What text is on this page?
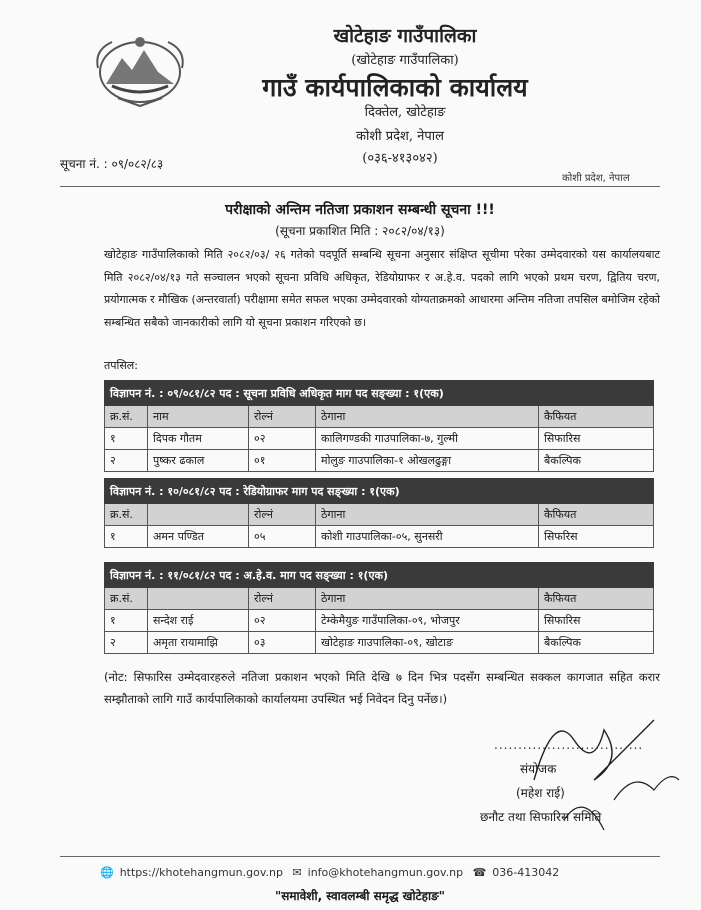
खोटेहाङ गाउँपालिका
(खोटेहाङ गाउँपालिका)
गाउँ कार्यपालिकाको कार्यालय
दिक्तेल, खोटेहाङ
कोशी प्रदेश, नेपाल
(०३६-४१३०४२)
सूचना नं. : ०९/०८२/८३
कोशी प्रदेश, नेपाल
परीक्षाको अन्तिम नतिजा प्रकाशन सम्बन्धी सूचना !!!
(सूचना प्रकाशित मिति : २०८२/०४/१३)
खोटेहाङ गाउँपालिकाको मिति २०८२/०३/ २६ गतेको पदपूर्ति सम्बन्धि सूचना अनुसार संक्षिप्त सूचीमा परेका उम्मेदवारको यस कार्यालयबाट मिति २०८२/०४/१३ गते सञ्चालन भएको सूचना प्रविधि अधिकृत, रेडियोग्राफर र अ.हे.व. पदको लागि भएको प्रथम चरण, द्वितिय चरण, प्रयोगात्मक र मौखिक (अन्तरवार्ता) परीक्षामा समेत सफल भएका उम्मेदवारको योग्यताक्रमको आधारमा अन्तिम नतिजा तपसिल बमोजिम रहेको सम्बन्धित सबैको जानकारीको लागि यो सूचना प्रकाशन गरिएको छ।
तपसिल:
विज्ञापन नं. : ०९/०८१/८२ पद : सूचना प्रविधि अधिकृत माग पद सङ्ख्या : १(एक)				
क्र.सं.	नाम	रोल्नं	ठेगाना	कैफियत
१	दिपक गौतम	०२	कालिगण्डकी गाउपालिका-७, गुल्मी	सिफारिस
२	पुष्कर ढकाल	०१	मोलुङ गाउपालिका-१ ओखलढुङ्गा	बैकल्पिक
विज्ञापन नं. : १०/०८१/८२ पद : रेडियोग्राफर माग पद सङ्ख्या : १(एक)				
क्र.सं.		रोल्नं	ठेगाना	कैफियत
१	अमन पण्डित	०५	कोशी गाउपालिका-०५, सुनसरी	सिफरिस
विज्ञापन नं. : ११/०८१/८२ पद : अ.हे.व. माग पद सङ्ख्या : १(एक)				
क्र.सं.		रोल्नं	ठेगाना	कैफियत
१	सन्देश राई	०२	टेम्केमैयुङ गाउँपालिका-०९, भोजपुर	सिफारिस
२	अमृता रायामाझि	०३	खोटेहाङ गाउपालिका-०९, खोटाङ	बैकल्पिक
(नोट: सिफारिस उम्मेदवारहरुले नतिजा प्रकाशन भएको मिति देखि ७ दिन भित्र पदसँग सम्बन्धित सक्कल कागजात सहित करार सम्झौताको लागि गाउँ कार्यपालिकाको कार्यालयमा उपस्थित भई निवेदन दिनु पर्नेछ।)
...............................
संयोजक
(महेश राई)
छनौट तथा सिफारिस समिति
🌐 https://khotehangmun.gov.np ✉ info@khotehangmun.gov.np ☎ 036-413042
"समावेशी, स्वावलम्बी समृद्ध खोटेहाङ"
